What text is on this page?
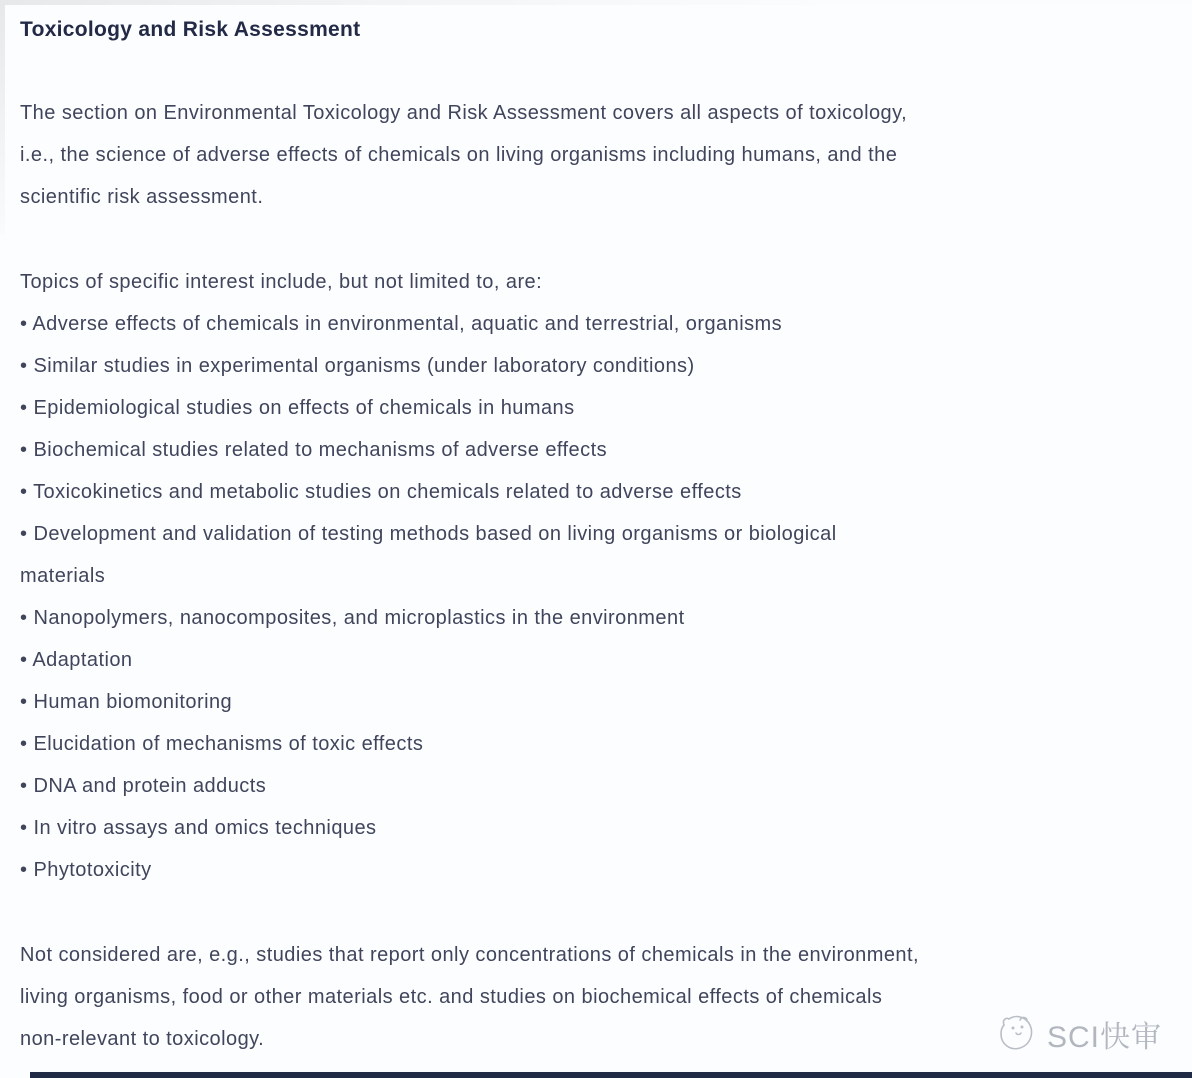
Toxicology and Risk Assessment
The section on Environmental Toxicology and Risk Assessment covers all aspects of toxicology,
i.e., the science of adverse effects of chemicals on living organisms including humans, and the
scientific risk assessment.
Topics of specific interest include, but not limited to, are:
• Adverse effects of chemicals in environmental, aquatic and terrestrial, organisms
• Similar studies in experimental organisms (under laboratory conditions)
• Epidemiological studies on effects of chemicals in humans
• Biochemical studies related to mechanisms of adverse effects
• Toxicokinetics and metabolic studies on chemicals related to adverse effects
• Development and validation of testing methods based on living organisms or biological
materials
• Nanopolymers, nanocomposites, and microplastics in the environment
• Adaptation
• Human biomonitoring
• Elucidation of mechanisms of toxic effects
• DNA and protein adducts
• In vitro assays and omics techniques
• Phytotoxicity
Not considered are, e.g., studies that report only concentrations of chemicals in the environment,
living organisms, food or other materials etc. and studies on biochemical effects of chemicals
non-relevant to toxicology.	SCI快审
